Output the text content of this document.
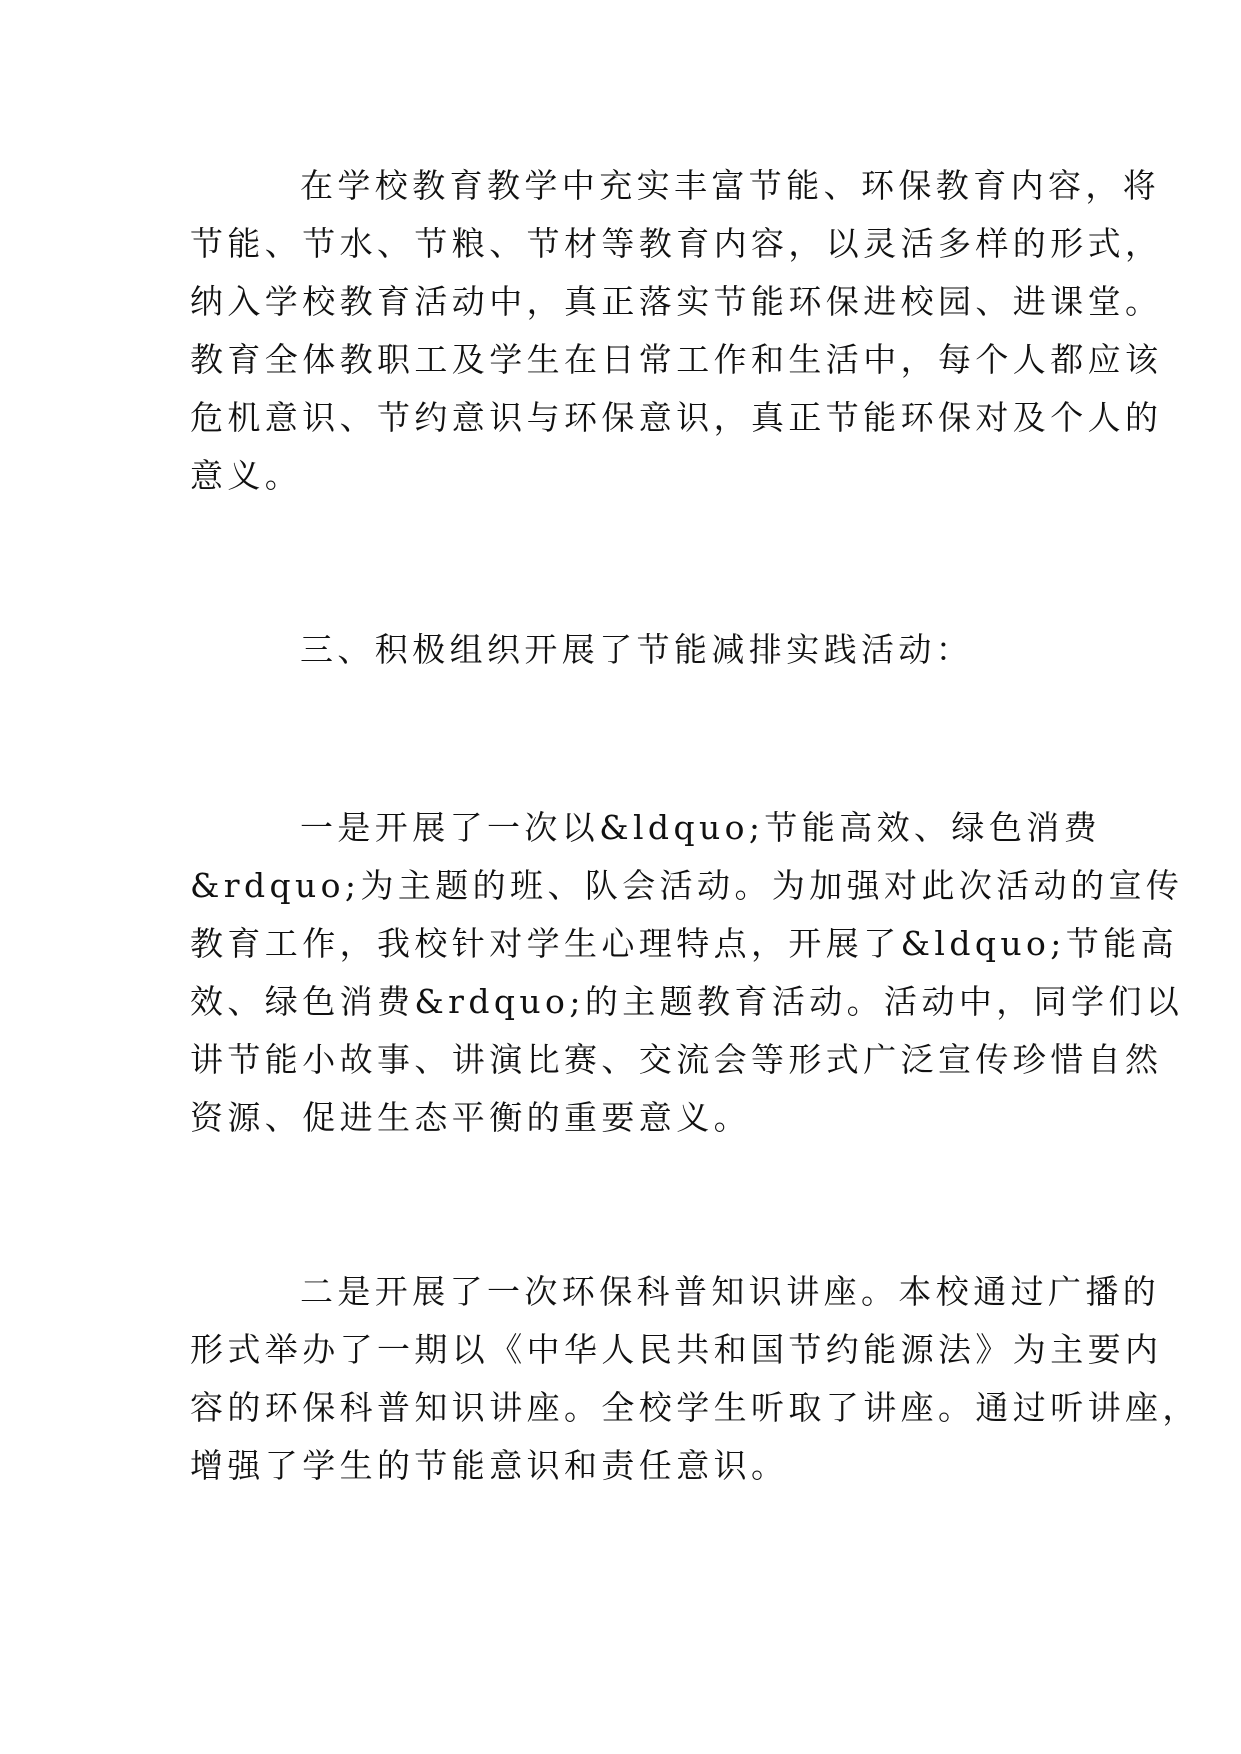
在学校教育教学中充实丰富节能、环保教育内容，将
节能、节水、节粮、节材等教育内容，以灵活多样的形式，
纳入学校教育活动中，真正落实节能环保进校园、进课堂。
教育全体教职工及学生在日常工作和生活中，每个人都应该
危机意识、节约意识与环保意识，真正节能环保对及个人的
意义。
三、积极组织开展了节能减排实践活动：
一是开展了一次以&ldquo;节能高效、绿色消费
&rdquo;为主题的班、队会活动。为加强对此次活动的宣传
教育工作，我校针对学生心理特点，开展了&ldquo;节能高
效、绿色消费&rdquo;的主题教育活动。活动中，同学们以
讲节能小故事、讲演比赛、交流会等形式广泛宣传珍惜自然
资源、促进生态平衡的重要意义。
二是开展了一次环保科普知识讲座。本校通过广播的
形式举办了一期以《中华人民共和国节约能源法》为主要内
容的环保科普知识讲座。全校学生听取了讲座。通过听讲座，
增强了学生的节能意识和责任意识。
